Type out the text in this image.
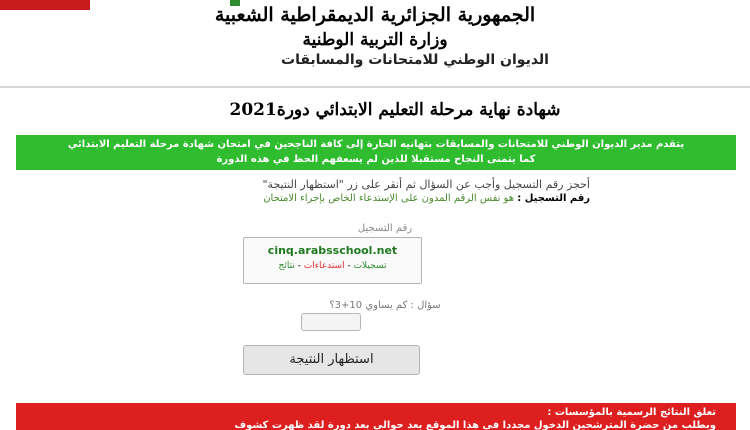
الجمهورية الجزائرية الديمقراطية الشعبية
وزارة التربية الوطنية
الديوان الوطني للامتحانات والمسابقات
شهادة نهاية مرحلة التعليم الابتدائي دورة2021
يتقدم مدير الديوان الوطني للامتحانات والمسابقات بتهانيه الحارة إلى كافة الناجحين في امتحان شهادة مرحلة التعليم الابتدائي
كما يتمنى النجاح مستقبلا للذين لم يسعفهم الحظ في هذه الدورة
أحجز رقم التسجيل وأجب عن السؤال ثم أنقر على زر "استظهار النتيجة"
رقم التسجيل : هو نفس الرقم المدون على الإستدعاء الخاص بإجراء الامتحان
رقم التسجيل
cinq.arabsschool.net
تسجيلات - استدعاءات - نتائج
سؤال : كم يساوي 10+3؟
استظهار النتيجة
تعلق النتائج الرسمية بالمؤسسات :
وبطلب من حضرة المترشحين الدخول مجددا فى هذا الموقع بعد حوالي بعد دورة لقد ظهرت كشوف
